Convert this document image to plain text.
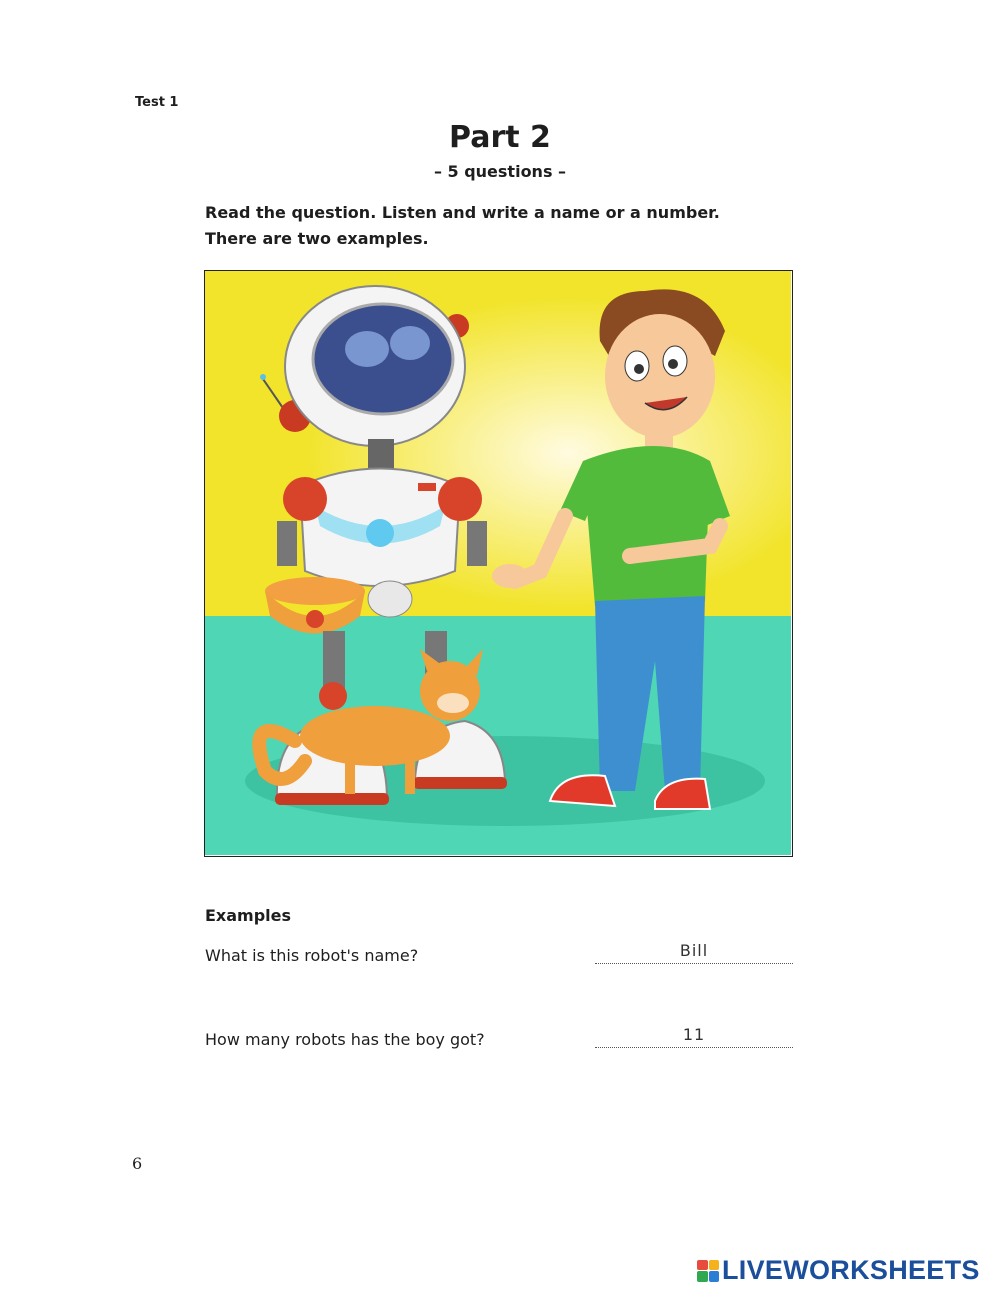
Test 1
Part 2
– 5 questions –
Read the question. Listen and write a name or a number.
There are two examples.
Examples
What is this robot's name?	Bill
How many robots has the boy got?	11
6
LIVEWORKSHEETS
